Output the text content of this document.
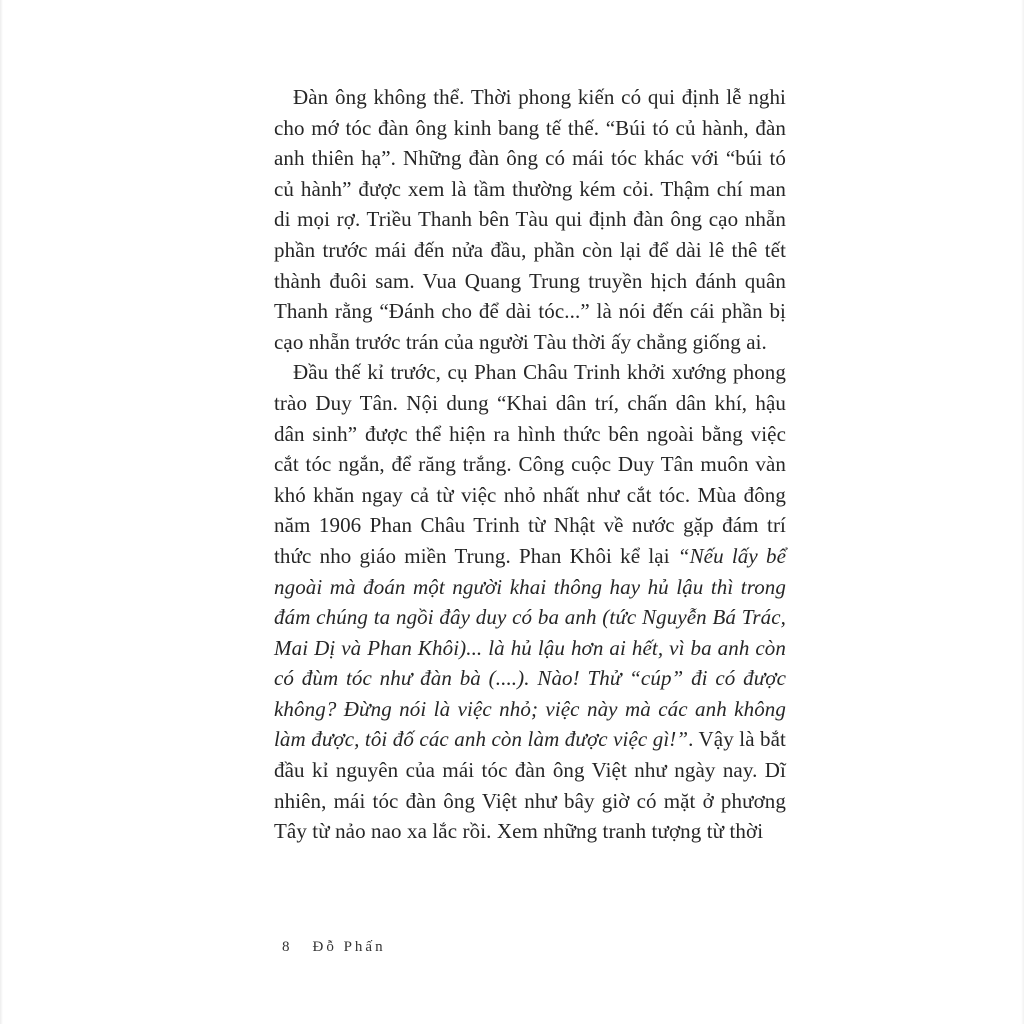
Đàn ông không thể. Thời phong kiến có qui định lễ nghi cho mớ tóc đàn ông kinh bang tế thế. “Búi tó củ hành, đàn anh thiên hạ”. Những đàn ông có mái tóc khác với “búi tó củ hành” được xem là tầm thường kém cỏi. Thậm chí man di mọi rợ. Triều Thanh bên Tàu qui định đàn ông cạo nhẵn phần trước mái đến nửa đầu, phần còn lại để dài lê thê tết thành đuôi sam. Vua Quang Trung truyền hịch đánh quân Thanh rằng “Đánh cho để dài tóc...” là nói đến cái phần bị cạo nhẵn trước trán của người Tàu thời ấy chẳng giống ai.

Đầu thế kỉ trước, cụ Phan Châu Trinh khởi xướng phong trào Duy Tân. Nội dung “Khai dân trí, chấn dân khí, hậu dân sinh” được thể hiện ra hình thức bên ngoài bằng việc cắt tóc ngắn, để răng trắng. Công cuộc Duy Tân muôn vàn khó khăn ngay cả từ việc nhỏ nhất như cắt tóc. Mùa đông năm 1906 Phan Châu Trinh từ Nhật về nước gặp đám trí thức nho giáo miền Trung. Phan Khôi kể lại “Nếu lấy bể ngoài mà đoán một người khai thông hay hủ lậu thì trong đám chúng ta ngồi đây duy có ba anh (tức Nguyễn Bá Trác, Mai Dị và Phan Khôi)... là hủ lậu hơn ai hết, vì ba anh còn có đùm tóc như đàn bà (....). Nào! Thử “cúp” đi có được không? Đừng nói là việc nhỏ; việc này mà các anh không làm được, tôi đố các anh còn làm được việc gì!”. Vậy là bắt đầu kỉ nguyên của mái tóc đàn ông Việt như ngày nay. Dĩ nhiên, mái tóc đàn ông Việt như bây giờ có mặt ở phương Tây từ nảo nao xa lắc rồi. Xem những tranh tượng từ thời

8 Đỗ Phấn
